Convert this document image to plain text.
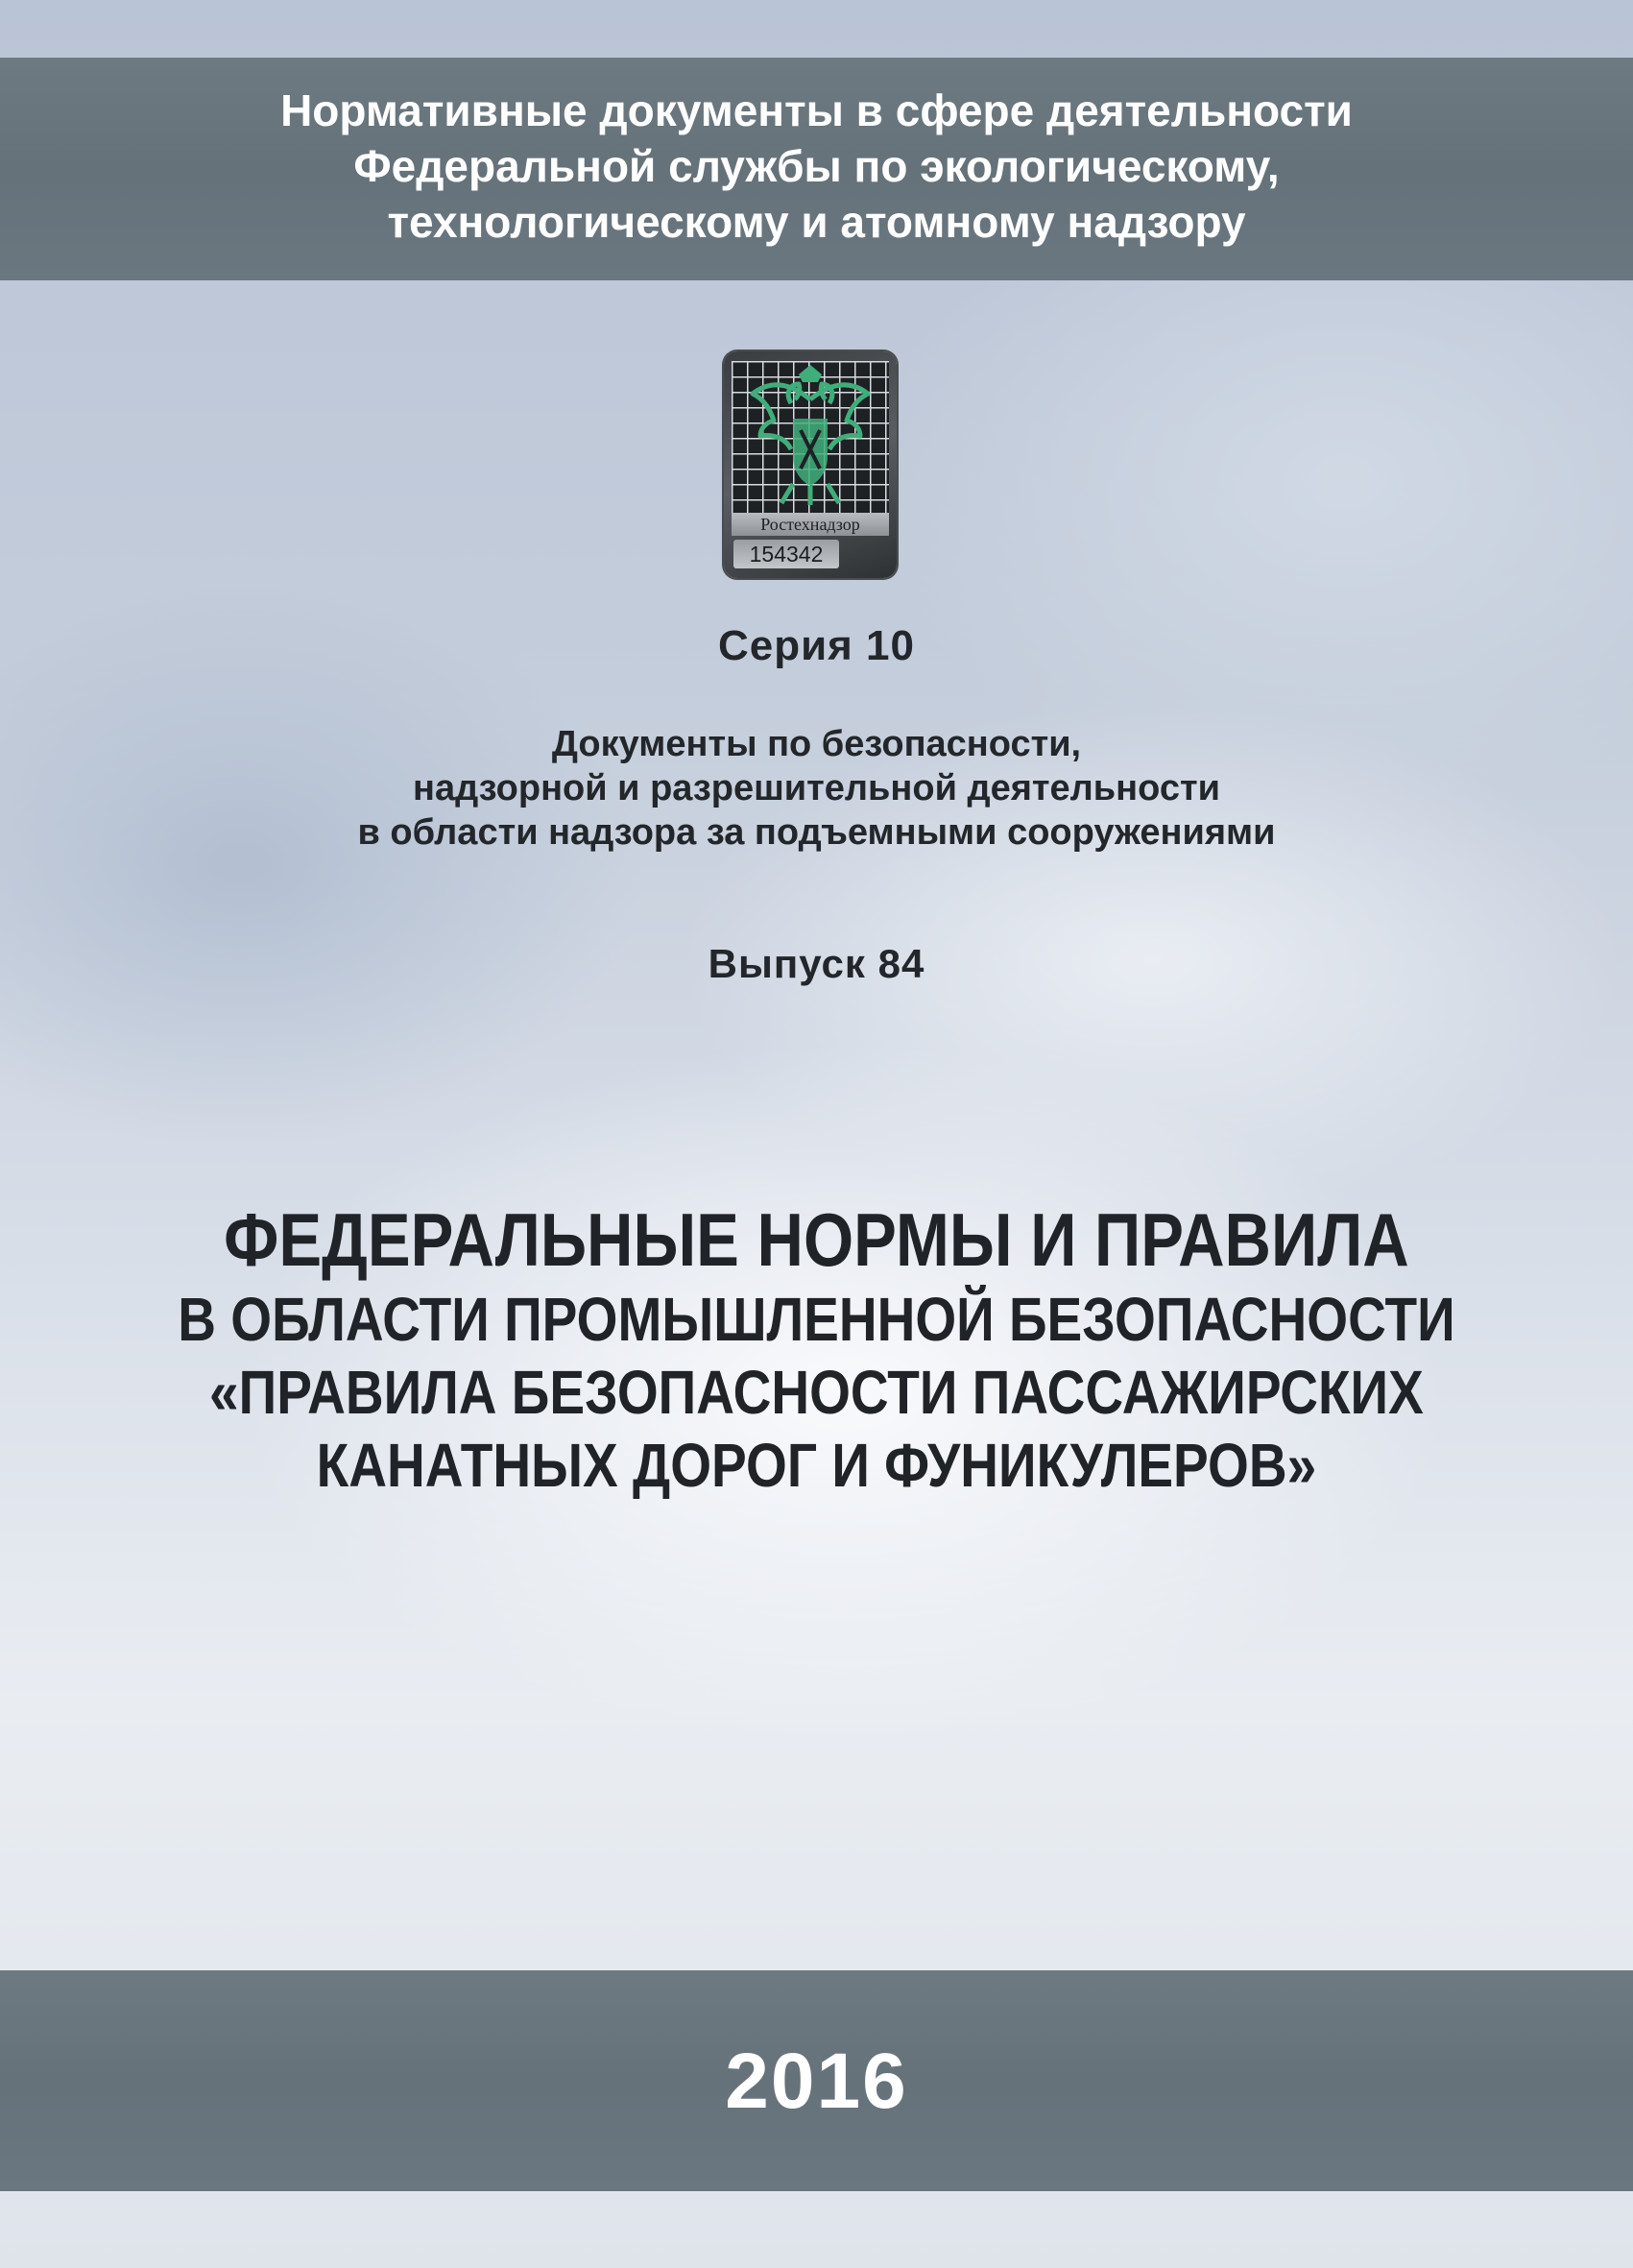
Нормативные документы в сфере деятельности
Федеральной службы по экологическому,
технологическому и атомному надзору
Ростехнадзор
154342
Серия 10
Документы по безопасности,
надзорной и разрешительной деятельности
в области надзора за подъемными сооружениями
Выпуск 84
ФЕДЕРАЛЬНЫЕ НОРМЫ И ПРАВИЛА
В ОБЛАСТИ ПРОМЫШЛЕННОЙ БЕЗОПАСНОСТИ
«ПРАВИЛА БЕЗОПАСНОСТИ ПАССАЖИРСКИХ
КАНАТНЫХ ДОРОГ И ФУНИКУЛЕРОВ»
2016
